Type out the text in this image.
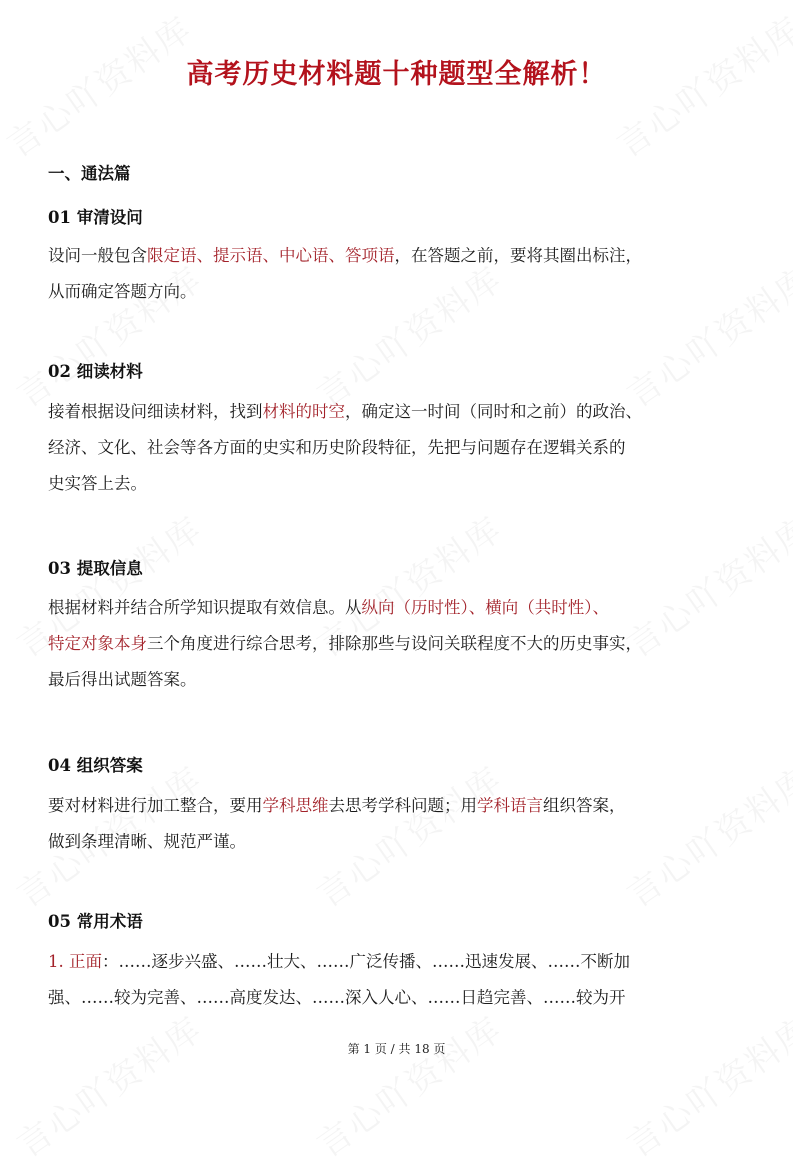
高考历史材料题十种题型全解析！
一、通法篇
01 审清设问
设问一般包含限定语、提示语、中心语、答项语，在答题之前，要将其圈出标注，
从而确定答题方向。
02 细读材料
接着根据设问细读材料，找到材料的时空，确定这一时间（同时和之前）的政治、
经济、文化、社会等各方面的史实和历史阶段特征，先把与问题存在逻辑关系的
史实答上去。
03 提取信息
根据材料并结合所学知识提取有效信息。从纵向（历时性）、横向（共时性）、
特定对象本身三个角度进行综合思考，排除那些与设问关联程度不大的历史事实，
最后得出试题答案。
04 组织答案
要对材料进行加工整合，要用学科思维去思考学科问题；用学科语言组织答案，
做到条理清晰、规范严谨。
05 常用术语
1. 正面：……逐步兴盛、……壮大、……广泛传播、……迅速发展、……不断加
强、……较为完善、……高度发达、……深入人心、……日趋完善、……较为开
第 1 页 / 共 18 页
